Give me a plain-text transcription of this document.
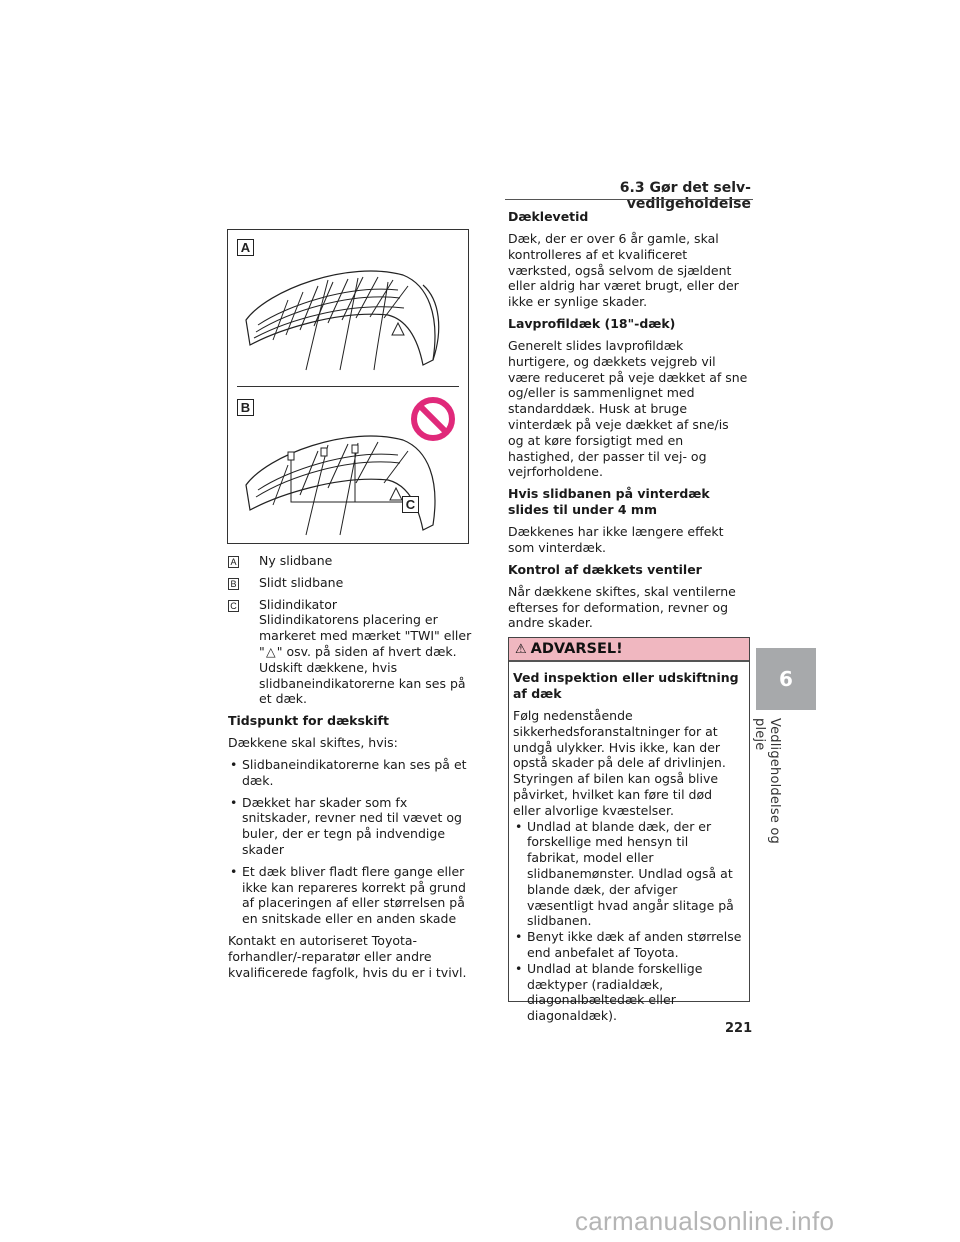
6.3 Gør det selv-vedligeholdelse
A
B
C
A Ny slidbane
B Slidt slidbane
C Slidindikator
Slidindikatorens placering er markeret med mærket "TWI" eller "△" osv. på siden af hvert dæk. Udskift dækkene, hvis slidbaneindikatorerne kan ses på et dæk.
Tidspunkt for dækskift

Dækkene skal skiftes, hvis:

• Slidbaneindikatorerne kan ses på et dæk.
• Dækket har skader som fx snitskader, revner ned til vævet og buler, der er tegn på indvendige skader
• Et dæk bliver fladt flere gange eller ikke kan repareres korrekt på grund af placeringen af eller størrelsen på en snitskade eller en anden skade

Kontakt en autoriseret Toyota-forhandler/-reparatør eller andre kvalificerede fagfolk, hvis du er i tvivl.

Dæklevetid

Dæk, der er over 6 år gamle, skal kontrolleres af et kvalificeret værksted, også selvom de sjældent eller aldrig har været brugt, eller der ikke er synlige skader.

Lavprofildæk (18"-dæk)

Generelt slides lavprofildæk hurtigere, og dækkets vejgreb vil være reduceret på veje dækket af sne og/eller is sammenlignet med standarddæk. Husk at bruge vinterdæk på veje dækket af sne/is og at køre forsigtigt med en hastighed, der passer til vej- og vejrforholdene.

Hvis slidbanen på vinterdæk slides til under 4 mm

Dækkenes har ikke længere effekt som vinterdæk.

Kontrol af dækkets ventiler

Når dækkene skiftes, skal ventilerne efterses for deformation, revner og andre skader.

⚠ ADVARSEL!
Ved inspektion eller udskiftning af dæk

Følg nedenstående sikkerhedsforanstaltninger for at undgå ulykker. Hvis ikke, kan der opstå skader på dele af drivlinjen. Styringen af bilen kan også blive påvirket, hvilket kan føre til død eller alvorlige kvæstelser.

• Undlad at blande dæk, der er forskellige med hensyn til fabrikat, model eller slidbanemønster. Undlad også at blande dæk, der afviger væsentligt hvad angår slitage på slidbanen.
• Benyt ikke dæk af anden størrelse end anbefalet af Toyota.
• Undlad at blande forskellige dæktyper (radialdæk, diagonalbæltedæk eller diagonaldæk).
221
6
Vedligeholdelse og pleje
carmanualsonline.info
